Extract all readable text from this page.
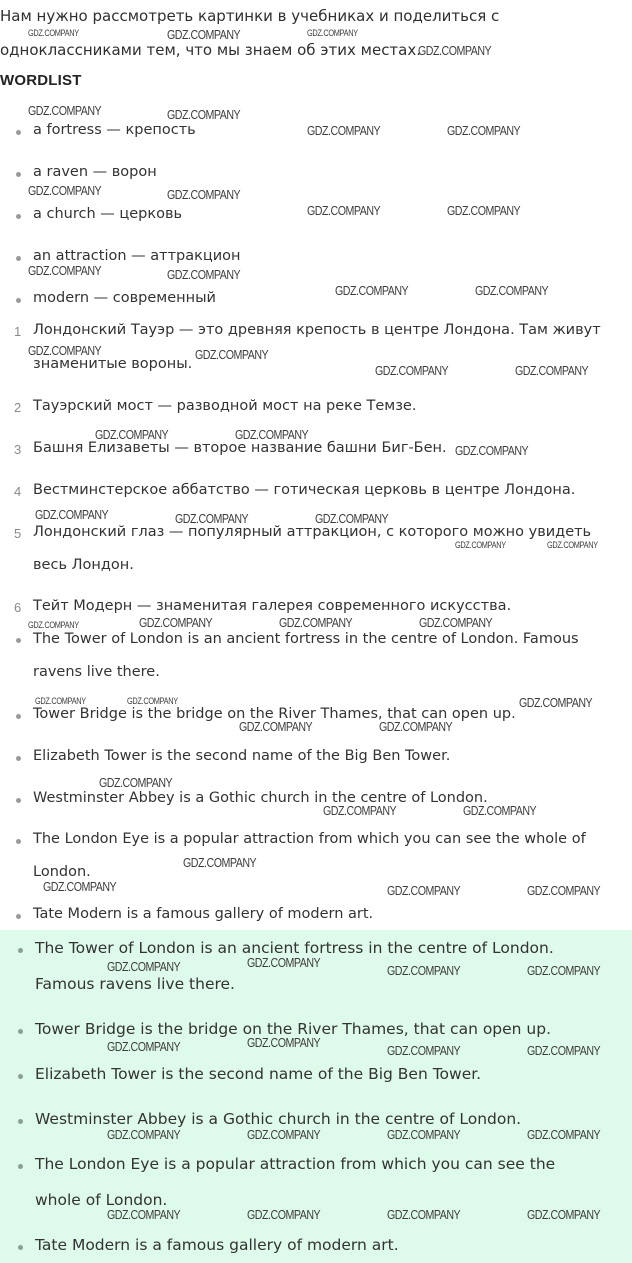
Нам нужно рассмотреть картинки в учебниках и поделиться с
одноклассниками тем, что мы знаем об этих местах.
WORDLIST
a fortress — крепость
a raven — ворон
a church — церковь
an attraction — аттракцион
modern — современный
1 Лондонский Тауэр — это древняя крепость в центре Лондона. Там живут
знаменитые вороны.
2 Тауэрский мост — разводной мост на реке Темзе.
3 Башня Елизаветы — второе название башни Биг-Бен.
4 Вестминстерское аббатство — готическая церковь в центре Лондона.
5 Лондонский глаз — популярный аттракцион, с которого можно увидеть
весь Лондон.
6 Тейт Модерн — знаменитая галерея современного искусства.
The Tower of London is an ancient fortress in the centre of London. Famous
ravens live there.
Tower Bridge is the bridge on the River Thames, that can open up.
Elizabeth Tower is the second name of the Big Ben Tower.
Westminster Abbey is a Gothic church in the centre of London.
The London Eye is a popular attraction from which you can see the whole of
London.
Tate Modern is a famous gallery of modern art.
The Tower of London is an ancient fortress in the centre of London.
Famous ravens live there.
Tower Bridge is the bridge on the River Thames, that can open up.
Elizabeth Tower is the second name of the Big Ben Tower.
Westminster Abbey is a Gothic church in the centre of London.
The London Eye is a popular attraction from which you can see the
whole of London.
Tate Modern is a famous gallery of modern art.
GDZ.COMPANY	GDZ.COMPANY	GDZ.COMPANY
GDZ.COMPANY
GDZ.COMPANY	GDZ.COMPANY
GDZ.COMPANY	GDZ.COMPANY
GDZ.COMPANY	GDZ.COMPANY
GDZ.COMPANY	GDZ.COMPANY
GDZ.COMPANY	GDZ.COMPANY
GDZ.COMPANY	GDZ.COMPANY
GDZ.COMPANY	GDZ.COMPANY
GDZ.COMPANY	GDZ.COMPANY
GDZ.COMPANY	GDZ.COMPANY
GDZ.COMPANY
GDZ.COMPANY	GDZ.COMPANY	GDZ.COMPANY
GDZ.COMPANY	GDZ.COMPANY
GDZ.COMPANY	GDZ.COMPANY	GDZ.COMPANY	GDZ.COMPANY
GDZ.COMPANY	GDZ.COMPANY	GDZ.COMPANY
GDZ.COMPANY	GDZ.COMPANY
GDZ.COMPANY
GDZ.COMPANY	GDZ.COMPANY
GDZ.COMPANY
GDZ.COMPANY	GDZ.COMPANY	GDZ.COMPANY
GDZ.COMPANY
GDZ.COMPANY	GDZ.COMPANY	GDZ.COMPANY
GDZ.COMPANY
GDZ.COMPANY	GDZ.COMPANY	GDZ.COMPANY
GDZ.COMPANY	GDZ.COMPANY	GDZ.COMPANY	GDZ.COMPANY
GDZ.COMPANY	GDZ.COMPANY	GDZ.COMPANY	GDZ.COMPANY
